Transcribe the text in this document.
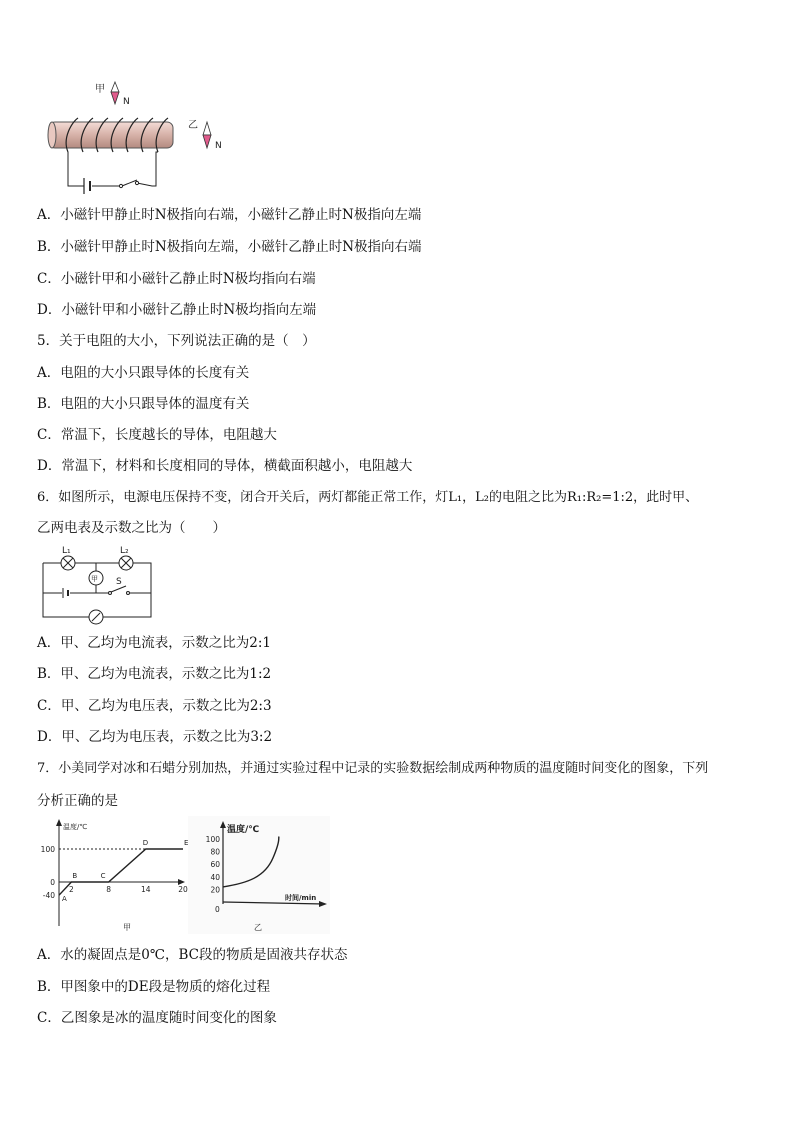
甲
N
乙
N
A．小磁针甲静止时N极指向右端，小磁针乙静止时N极指向左端
B．小磁针甲静止时N极指向左端，小磁针乙静止时N极指向右端
C．小磁针甲和小磁针乙静止时N极均指向右端
D．小磁针甲和小磁针乙静止时N极均指向左端
5．关于电阻的大小，下列说法正确的是（　）
A．电阻的大小只跟导体的长度有关
B．电阻的大小只跟导体的温度有关
C．常温下，长度越长的导体，电阻越大
D．常温下，材料和长度相同的导体，横截面积越小，电阻越大
6．如图所示，电源电压保持不变，闭合开关后，两灯都能正常工作，灯L₁，L₂的电阻之比为R₁:R₂=1:2，此时甲、
乙两电表及示数之比为（　　）
L₁	L₂
甲 S
A．甲、乙均为电流表，示数之比为2:1
B．甲、乙均为电流表，示数之比为1:2
C．甲、乙均为电压表，示数之比为2:3
D．甲、乙均为电压表，示数之比为3:2
7．小美同学对冰和石蜡分别加热，并通过实验过程中记录的实验数据绘制成两种物质的温度随时间变化的图象，下列
分析正确的是
温度/℃
100
0
-40
2	8	14	20
A
B	C
D	E
甲
温度/℃
100
80
60
40
20
时间/min
0
乙
A．水的凝固点是0℃，BC段的物质是固液共存状态
B．甲图象中的DE段是物质的熔化过程
C．乙图象是冰的温度随时间变化的图象
